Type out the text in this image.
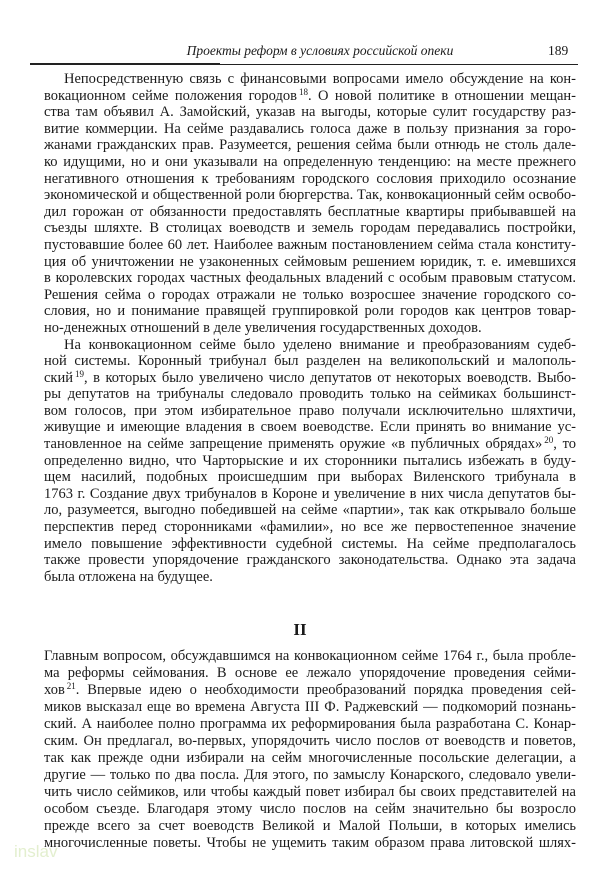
Проекты реформ в условиях российской опеки	189
Непосредственную связь с финансовыми вопросами имело обсуждение на кон-
вокационном сейме положения городов $^{18}$. О новой политике в отношении мещан-
ства там объявил А. Замойский, указав на выгоды, которые сулит государству раз-
витие коммерции. На сейме раздавались голоса даже в пользу признания за горо-
жанами гражданских прав. Разумеется, решения сейма были отнюдь не столь дале-
ко идущими, но и они указывали на определенную тенденцию: на месте прежнего
негативного отношения к требованиям городского сословия приходило осознание
экономической и общественной роли бюргерства. Так, конвокационный сейм освобо-
дил горожан от обязанности предоставлять бесплатные квартиры прибывавшей на
съезды шляхте. В столицах воеводств и земель городам передавались постройки,
пустовавшие более 60 лет. Наиболее важным постановлением сейма стала конститу-
ция об уничтожении не узаконенных сеймовым решением юридик, т. е. имевшихся
в королевских городах частных феодальных владений с особым правовым статусом.
Решения сейма о городах отражали не только возросшее значение городского со-
словия, но и понимание правящей группировкой роли городов как центров товар-
но-денежных отношений в деле увеличения государственных доходов.
На конвокационном сейме было уделено внимание и преобразованиям судеб-
ной системы. Коронный трибунал был разделен на великопольский и малополь-
ский $^{19}$, в которых было увеличено число депутатов от некоторых воеводств. Выбо-
ры депутатов на трибуналы следовало проводить только на сеймиках большинст-
вом голосов, при этом избирательное право получали исключительно шляхтичи,
живущие и имеющие владения в своем воеводстве. Если принять во внимание ус-
тановленное на сейме запрещение применять оружие «в публичных обрядах» $^{20}$, то
определенно видно, что Чарторыские и их сторонники пытались избежать в буду-
щем насилий, подобных происшедшим при выборах Виленского трибунала в
1763 г. Создание двух трибуналов в Короне и увеличение в них числа депутатов бы-
ло, разумеется, выгодно победившей на сейме «партии», так как открывало больше
перспектив перед сторонниками «фамилии», но все же первостепенное значение
имело повышение эффективности судебной системы. На сейме предполагалось
также провести упорядочение гражданского законодательства. Однако эта задача
была отложена на будущее.
II
Главным вопросом, обсуждавшимся на конвокационном сейме 1764 г., была пробле-
ма реформы сеймования. В основе ее лежало упорядочение проведения сейми-
хов $^{21}$. Впервые идею о необходимости преобразований порядка проведения сей-
миков высказал еще во времена Августа III Ф. Раджевский — подкоморий познань-
ский. А наиболее полно программа их реформирования была разработана С. Конар-
ским. Он предлагал, во-первых, упорядочить число послов от воеводств и поветов,
так как прежде одни избирали на сейм многочисленные посольские делегации, а
другие — только по два посла. Для этого, по замыслу Конарского, следовало увели-
чить число сеймиков, или чтобы каждый повет избирал бы своих представителей на
особом съезде. Благодаря этому число послов на сейм значительно бы возросло
прежде всего за счет воеводств Великой и Малой Польши, в которых имелись
многочисленные поветы. Чтобы не ущемить таким образом права литовской шлях-
inslav
